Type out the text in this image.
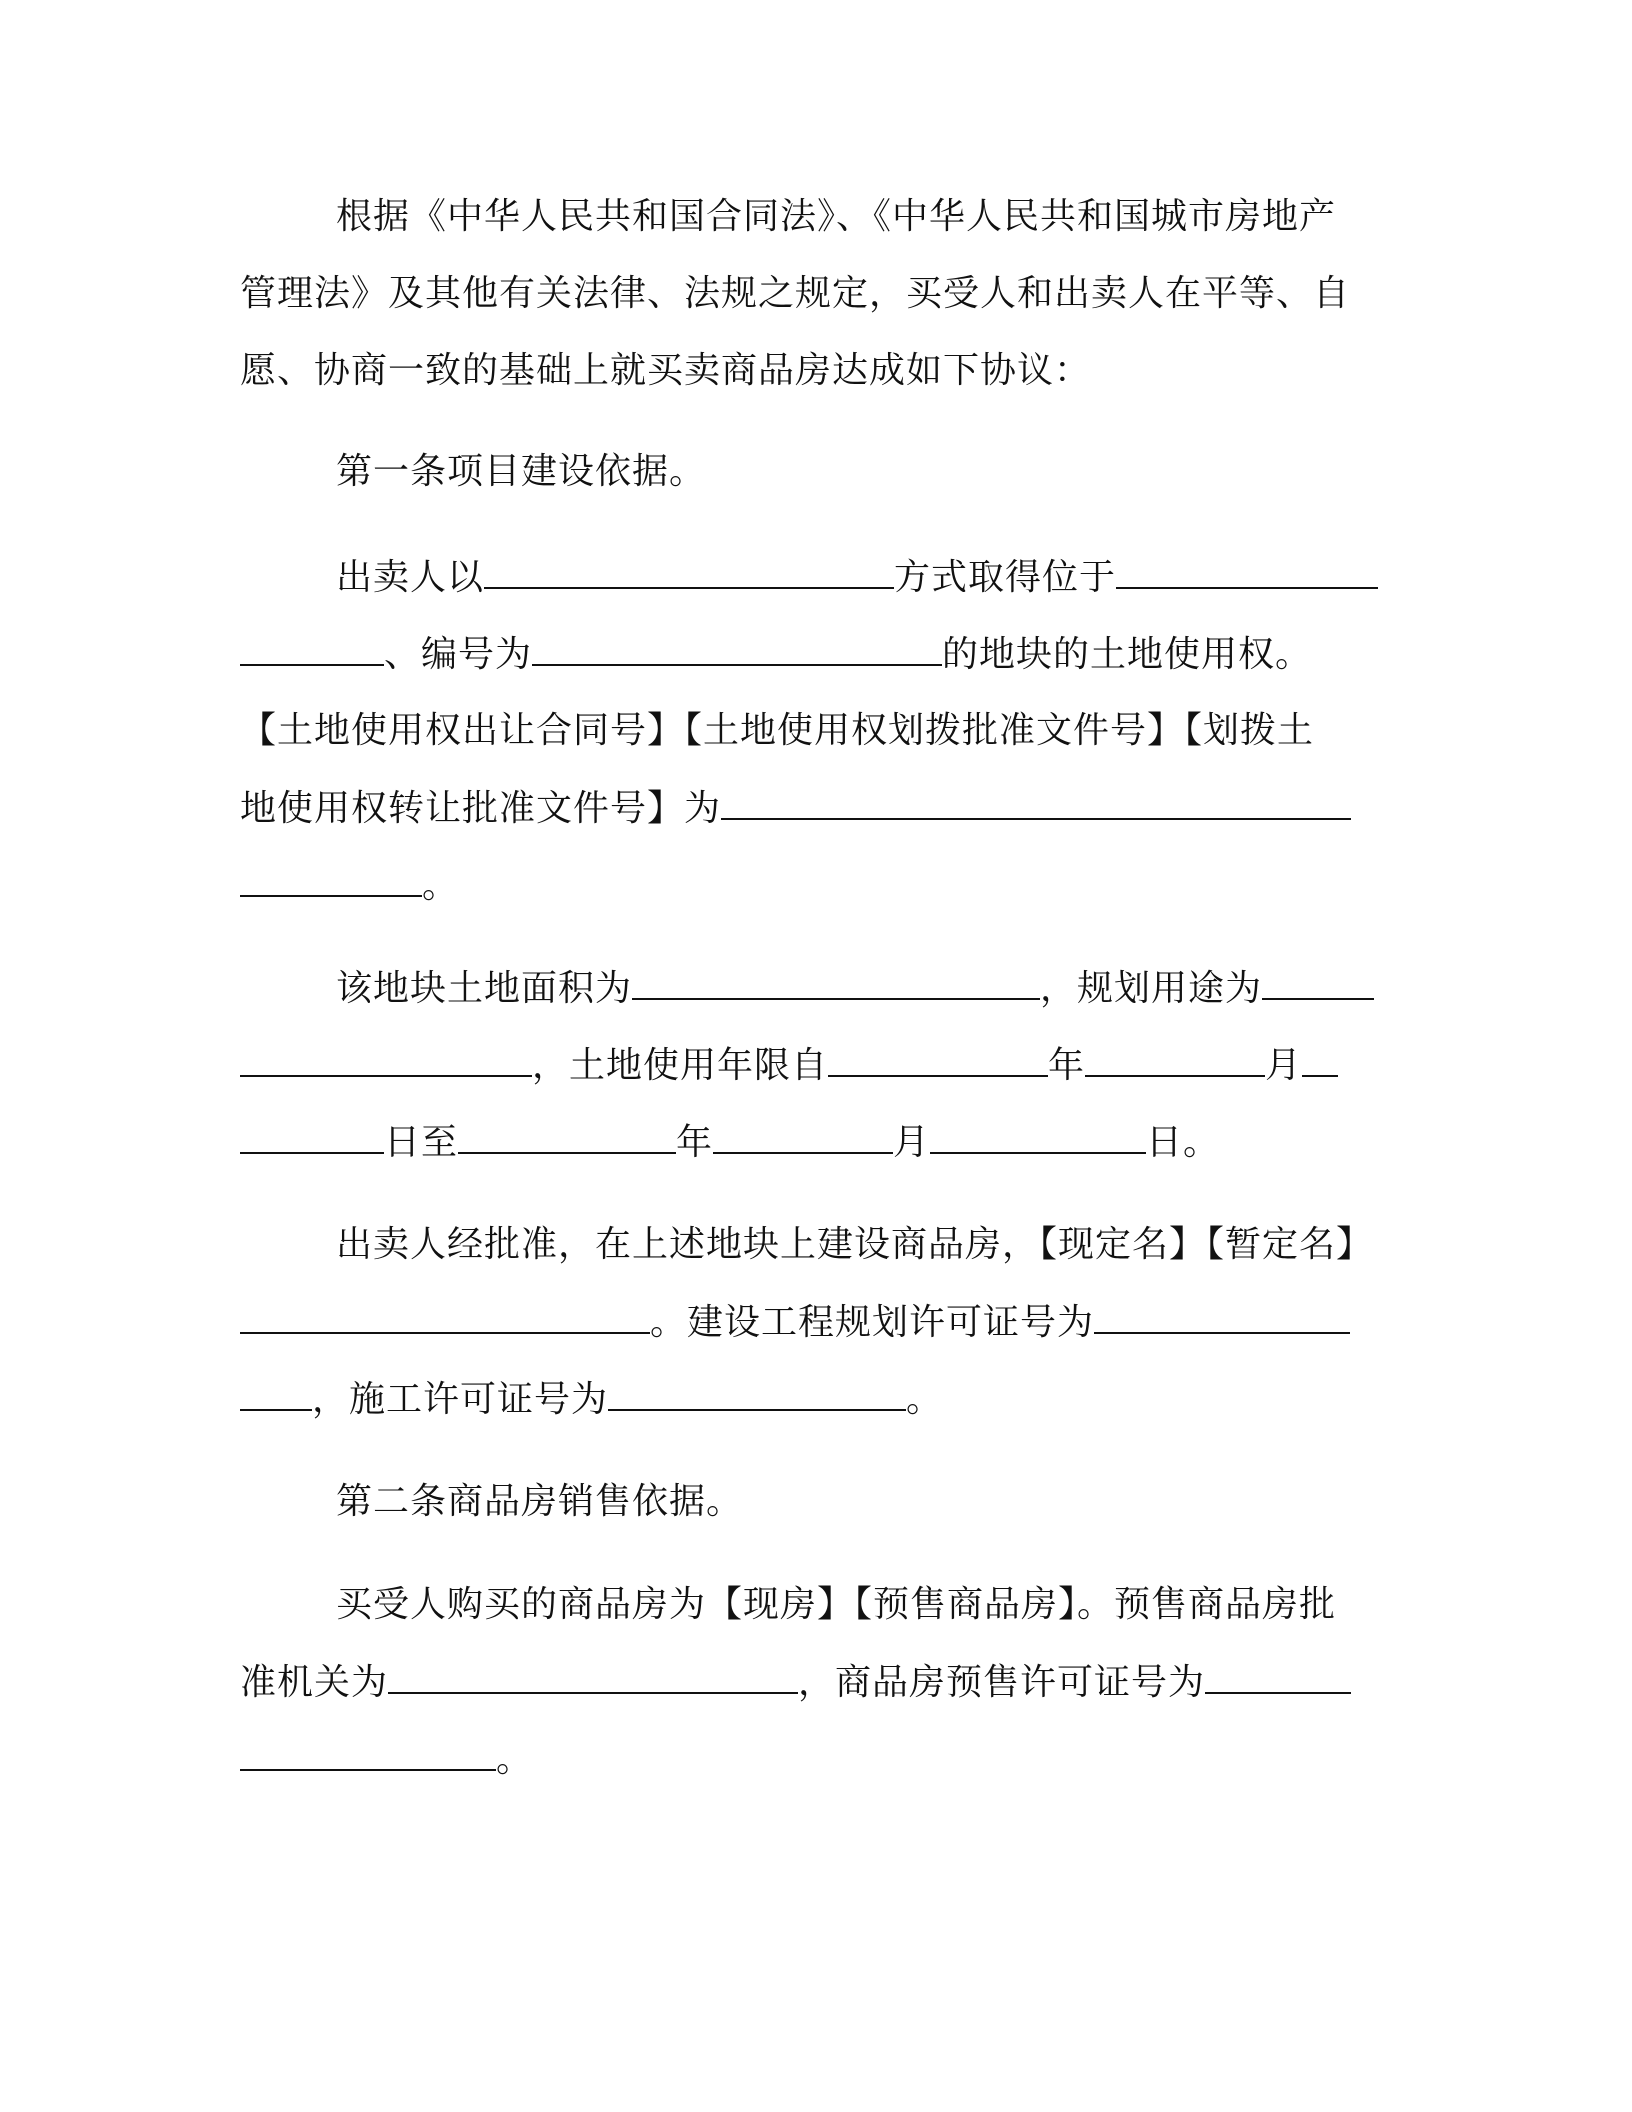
根据《中华人民共和国合同法》、《中华人民共和国城市房地产
管理法》及其他有关法律、法规之规定，买受人和出卖人在平等、自
愿、协商一致的基础上就买卖商品房达成如下协议：
第一条项目建设依据。
出卖人以	方式取得位于
、编号为	的地块的土地使用权。
【土地使用权出让合同号】【土地使用权划拨批准文件号】【划拨土
地使用权转让批准文件号】为
。
该地块土地面积为	，规划用途为
，土地使用年限自	年	月
日至	年	月	日。
出卖人经批准，在上述地块上建设商品房，【现定名】【暂定名】
。建设工程规划许可证号为
，施工许可证号为	。
第二条商品房销售依据。
买受人购买的商品房为【现房】【预售商品房】。预售商品房批
准机关为	，商品房预售许可证号为
。
